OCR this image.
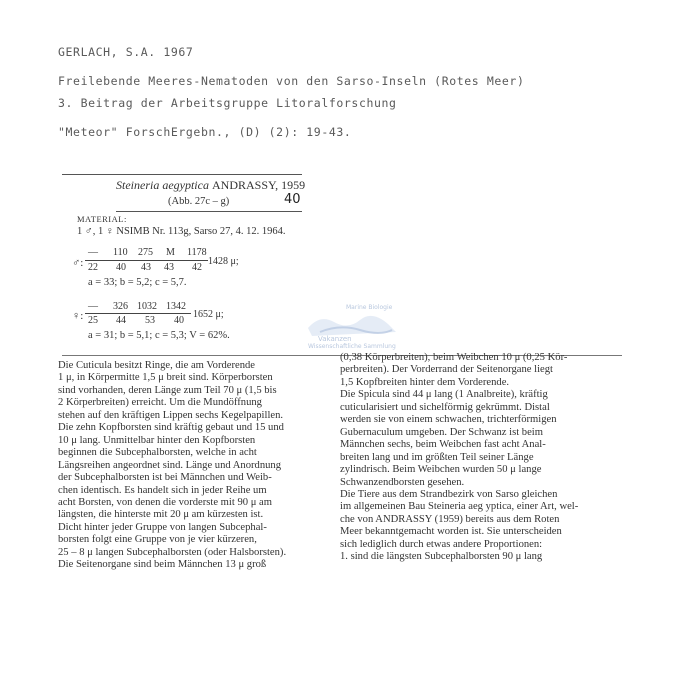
GERLACH, S.A. 1967
Freilebende Meeres-Nematoden von den Sarso-Inseln (Rotes Meer)
3. Beitrag der Arbeitsgruppe Litoralforschung
"Meteor" ForschErgebn., (D) (2): 19-43.
Steineria aegyptica ANDRASSY, 1959
(Abb. 27c – g)	40
MATERIAL:
1 ♂, 1 ♀ NSIMB Nr. 113g, Sarso 27, 4. 12. 1964.
♂:
— 110 275 M 1178
22 40 43 43 42
1428 μ;
a = 33; b = 5,2; c = 5,7.
♀:
— 326 1032 1342
25 44 53 40
1652 μ;
a = 31; b = 5,1; c = 5,3; V = 62%.
Marine Biologie
Vakanzen
Wissenschaftliche Sammlung
Die Cuticula besitzt Ringe, die am Vorderende
1 μ, in Körpermitte 1,5 μ breit sind. Körperborsten
sind vorhanden, deren Länge zum Teil 70 μ (1,5 bis
2 Körperbreiten) erreicht. Um die Mundöffnung
stehen auf den kräftigen Lippen sechs Kegelpapillen.
Die zehn Kopfborsten sind kräftig gebaut und 15 und
10 μ lang. Unmittelbar hinter den Kopfborsten
beginnen die Subcephalborsten, welche in acht
Längsreihen angeordnet sind. Länge und Anordnung
der Subcephalborsten ist bei Männchen und Weib-
chen identisch. Es handelt sich in jeder Reihe um
acht Borsten, von denen die vorderste mit 90 μ am
längsten, die hinterste mit 20 μ am kürzesten ist.
Dicht hinter jeder Gruppe von langen Subcephal-
borsten folgt eine Gruppe von je vier kürzeren,
25 – 8 μ langen Subcephalborsten (oder Halsborsten).
Die Seitenorgane sind beim Männchen 13 μ groß
(0,38 Körperbreiten), beim Weibchen 10 μ (0,25 Kör-
perbreiten). Der Vorderrand der Seitenorgane liegt
1,5 Kopfbreiten hinter dem Vorderende.
Die Spicula sind 44 μ lang (1 Analbreite), kräftig
cuticularisiert und sichelförmig gekrümmt. Distal
werden sie von einem schwachen, trichterförmigen
Gubernaculum umgeben. Der Schwanz ist beim
Männchen sechs, beim Weibchen fast acht Anal-
breiten lang und im größten Teil seiner Länge
zylindrisch. Beim Weibchen wurden 50 μ lange
Schwanzendborsten gesehen.
Die Tiere aus dem Strandbezirk von Sarso gleichen
im allgemeinen Bau Steineria aeg yptica, einer Art, wel-
che von ANDRASSY (1959) bereits aus dem Roten
Meer bekanntgemacht worden ist. Sie unterscheiden
sich lediglich durch etwas andere Proportionen:
1. sind die längsten Subcephalborsten 90 μ lang
